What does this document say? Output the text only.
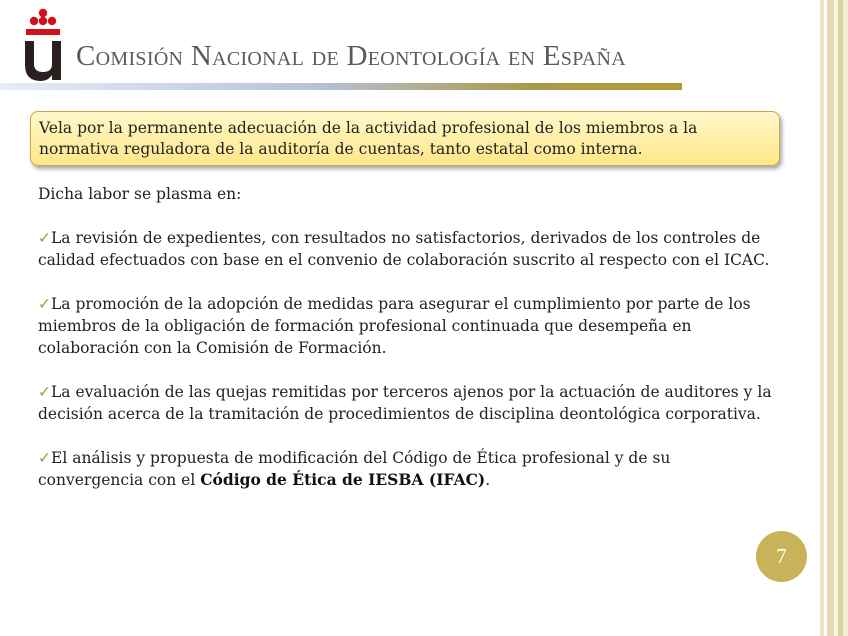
Comisión Nacional de Deontología en España
Vela por la permanente adecuación de la actividad profesional de los miembros a la normativa reguladora de la auditoría de cuentas, tanto estatal como interna.

Dicha labor se plasma en:

✓La revisión de expedientes, con resultados no satisfactorios, derivados de los controles de calidad efectuados con base en el convenio de colaboración suscrito al respecto con el ICAC.

✓La promoción de la adopción de medidas para asegurar el cumplimiento por parte de los miembros de la obligación de formación profesional continuada que desempeña en colaboración con la Comisión de Formación.

✓La evaluación de las quejas remitidas por terceros ajenos por la actuación de auditores y la decisión acerca de la tramitación de procedimientos de disciplina deontológica corporativa.

✓El análisis y propuesta de modificación del Código de Ética profesional y de su convergencia con el Código de Ética de IESBA (IFAC).

7
